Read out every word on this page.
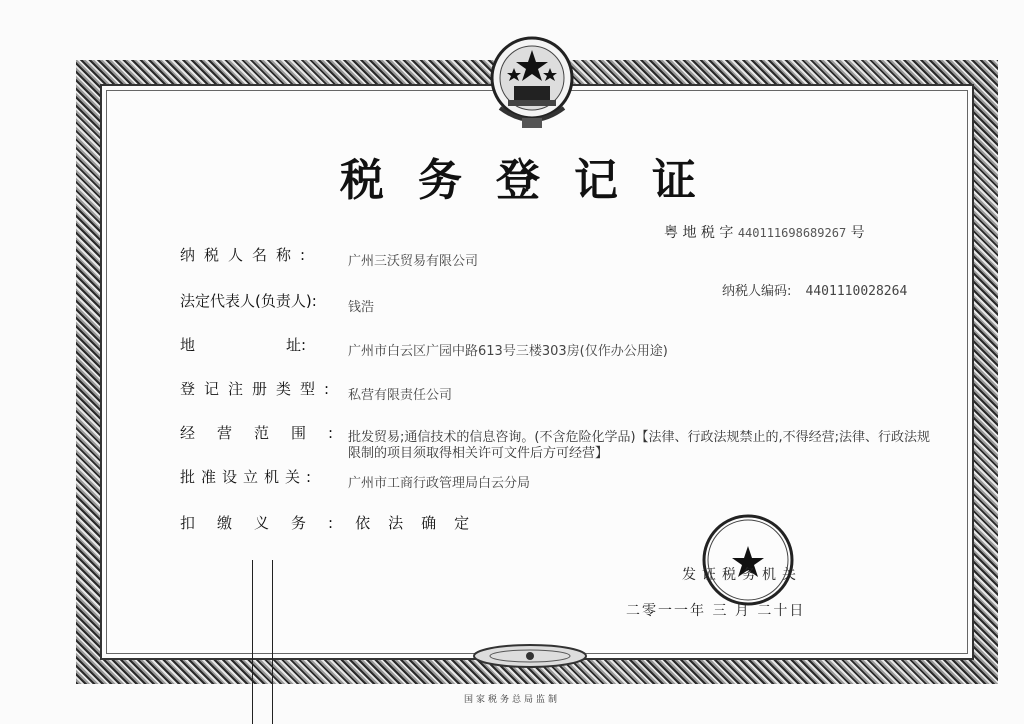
税务登记证
粤 地 税 字 440111698689267 号
纳税人编码: 4401110028264
纳税人名称:	广州三沃贸易有限公司
法定代表人(负责人): 钱浩
地	址:	广州市白云区广园中路613号三楼303房(仅作办公用途)
登记注册类型: 私营有限责任公司
经营范围:
批发贸易;通信技术的信息咨询。(不含危险化学品)【法律、行政法规禁止的,不得经营;法律、行政法规限制的项目须取得相关许可文件后方可经营】
批准设立机关: 广州市工商行政管理局白云分局
扣缴义务:依法确定
发证税务机关
二零一一年 三 月 二十日
国家税务总局监制
